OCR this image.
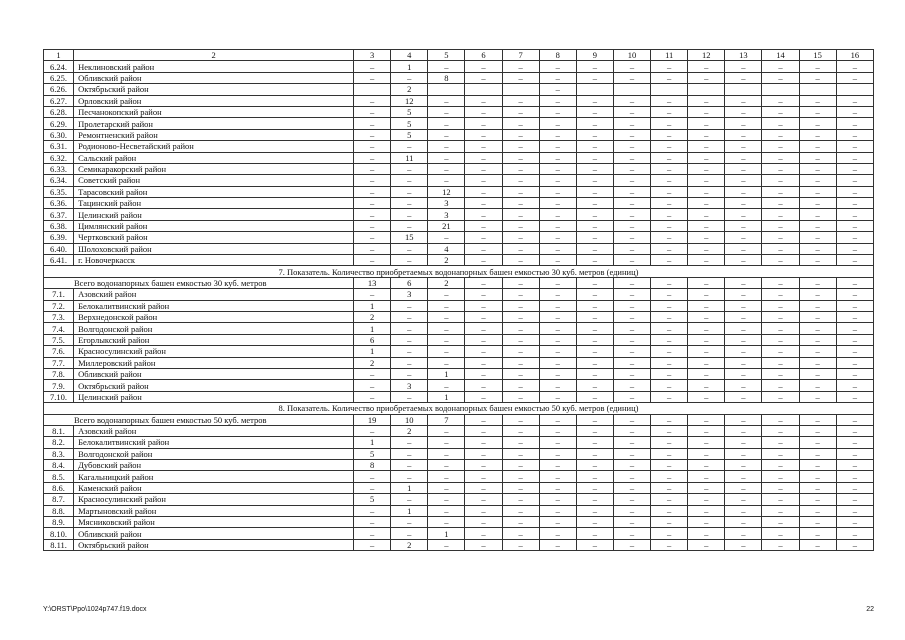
1	2	3	4	5	6	7	8	9	10	11	12	13	14	15	16
6.24.	Неклиновский район	–	1	–	–	–	–	–	–	–	–	–	–	–	–
6.25.	Обливский район	–	–	8	–	–	–	–	–	–	–	–	–	–	–
6.26.	Октябрьский район		2				–								
6.27.	Орловский район	–	12	–	–	–	–	–	–	–	–	–	–	–	–
6.28.	Песчанокопский район	–	5	–	–	–	–	–	–	–	–	–	–	–	–
6.29.	Пролетарский район	–	5	–	–	–	–	–	–	–	–	–	–	–	–
6.30.	Ремонтненский район	–	5	–	–	–	–	–	–	–	–	–	–	–	–
6.31.	Родионово-Несветайский район	–	–	–	–	–	–	–	–	–	–	–	–	–	–
6.32.	Сальский район	–	11	–	–	–	–	–	–	–	–	–	–	–	–
6.33.	Семикаракорский район	–	–	–	–	–	–	–	–	–	–	–	–	–	–
6.34.	Советский район	–	–	–	–	–	–	–	–	–	–	–	–	–	–
6.35.	Тарасовский район	–	–	12	–	–	–	–	–	–	–	–	–	–	–
6.36.	Тацинский район	–	–	3	–	–	–	–	–	–	–	–	–	–	–
6.37.	Целинский район	–	–	3	–	–	–	–	–	–	–	–	–	–	–
6.38.	Цимлянский район	–	–	21	–	–	–	–	–	–	–	–	–	–	–
6.39.	Чертковский район	–	15	–	–	–	–	–	–	–	–	–	–	–	–
6.40.	Шолоховский район	–	–	4	–	–	–	–	–	–	–	–	–	–	–
6.41.	г. Новочеркасск	–	–	2	–	–	–	–	–	–	–	–	–	–	–
7. Показатель. Количество приобретаемых водонапорных башен емкостью 30 куб. метров (единиц)															
Всего водонапорных башен емкостью 30 куб. метров		13	6	2	–	–	–	–	–	–	–	–	–	–	–
7.1.	Азовский район	–	3	–	–	–	–	–	–	–	–	–	–	–	–
7.2.	Белокалитвинский район	1	–	–	–	–	–	–	–	–	–	–	–	–	–
7.3.	Верхнедонской район	2	–	–	–	–	–	–	–	–	–	–	–	–	–
7.4.	Волгодонской район	1	–	–	–	–	–	–	–	–	–	–	–	–	–
7.5.	Егорлыкский район	6	–	–	–	–	–	–	–	–	–	–	–	–	–
7.6.	Красносулинский район	1	–	–	–	–	–	–	–	–	–	–	–	–	–
7.7.	Миллеровский район	2	–	–	–	–	–	–	–	–	–	–	–	–	–
7.8.	Обливский район	–	–	1	–	–	–	–	–	–	–	–	–	–	–
7.9.	Октябрьский район	–	3	–	–	–	–	–	–	–	–	–	–	–	–
7.10.	Целинский район	–	–	1	–	–	–	–	–	–	–	–	–	–	–
8. Показатель. Количество приобретаемых водонапорных башен емкостью 50 куб. метров (единиц)															
Всего водонапорных башен емкостью 50 куб. метров		19	10	7	–	–	–	–	–	–	–	–	–	–	–
8.1.	Азовский район	–	2	–	–	–	–	–	–	–	–	–	–	–	–
8.2.	Белокалитвинский район	1	–	–	–	–	–	–	–	–	–	–	–	–	–
8.3.	Волгодонской район	5	–	–	–	–	–	–	–	–	–	–	–	–	–
8.4.	Дубовский район	8	–	–	–	–	–	–	–	–	–	–	–	–	–
8.5.	Кагальницкий район	–	–	–	–	–	–	–	–	–	–	–	–	–	–
8.6.	Каменский район	–	1	–	–	–	–	–	–	–	–	–	–	–	–
8.7.	Красносулинский район	5	–	–	–	–	–	–	–	–	–	–	–	–	–
8.8.	Мартыновский район	–	1	–	–	–	–	–	–	–	–	–	–	–	–
8.9.	Мясниковский район	–	–	–	–	–	–	–	–	–	–	–	–	–	–
8.10.	Обливский район	–	–	1	–	–	–	–	–	–	–	–	–	–	–
8.11.	Октябрьский район	–	2	–	–	–	–	–	–	–	–	–	–	–	–
Y:\ORST\Ppo\1024p747.f19.docx	22
